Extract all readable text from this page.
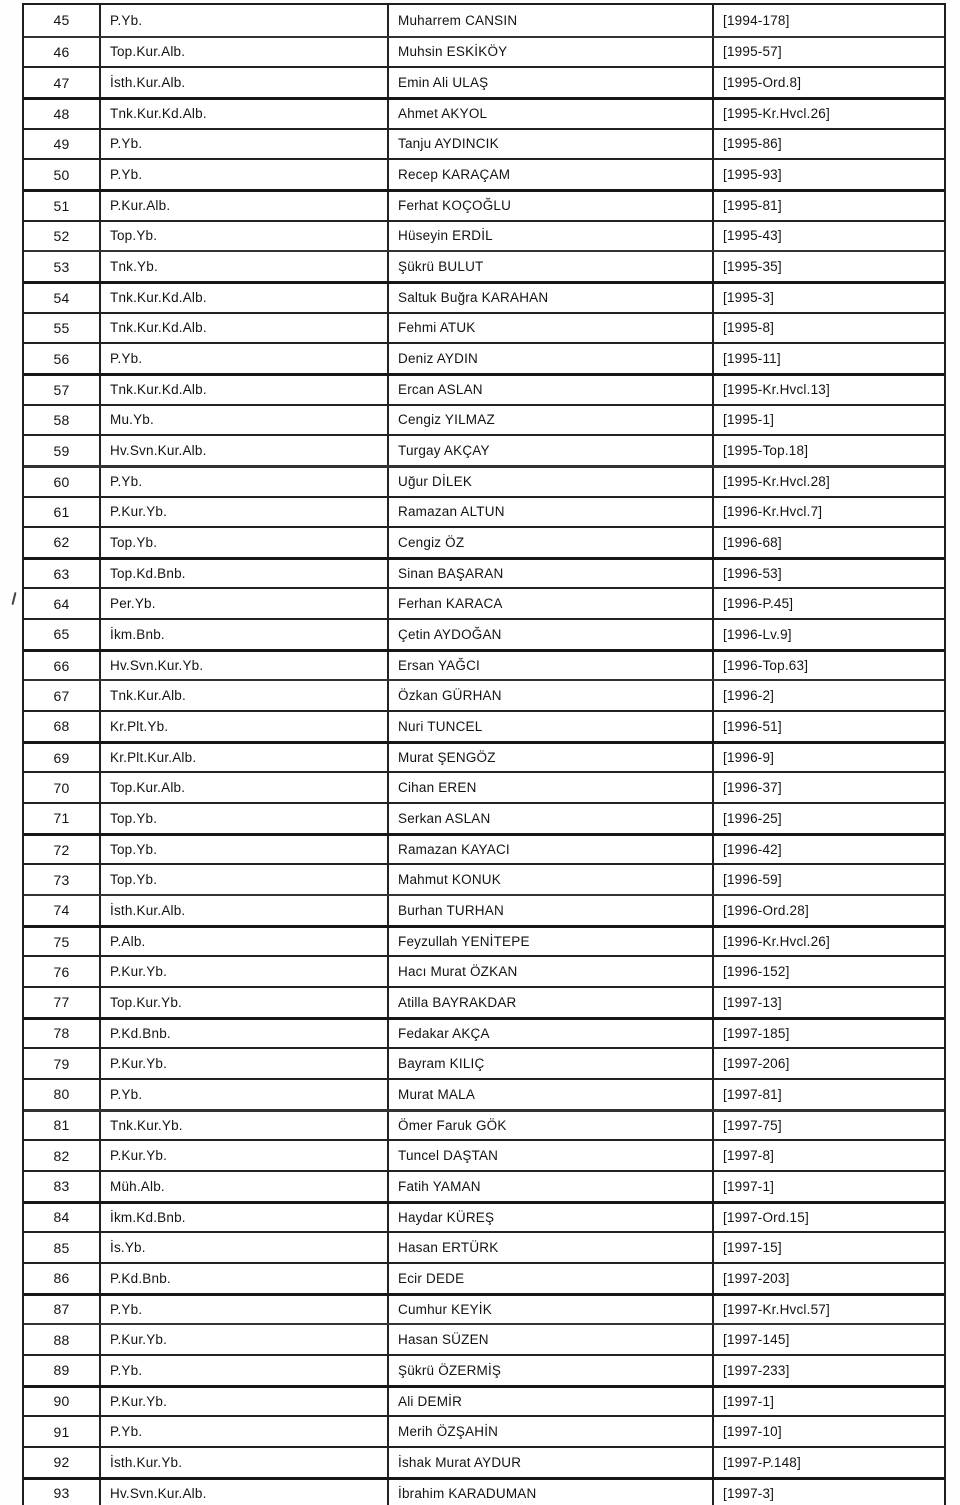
45	P.Yb.	Muharrem CANSIN	[1994-178]
46	Top.Kur.Alb.	Muhsin ESKİKÖY	[1995-57]
47	İsth.Kur.Alb.	Emin Ali ULAŞ	[1995-Ord.8]
48	Tnk.Kur.Kd.Alb.	Ahmet AKYOL	[1995-Kr.Hvcl.26]
49	P.Yb.	Tanju AYDINCIK	[1995-86]
50	P.Yb.	Recep KARAÇAM	[1995-93]
51	P.Kur.Alb.	Ferhat KOÇOĞLU	[1995-81]
52	Top.Yb.	Hüseyin ERDİL	[1995-43]
53	Tnk.Yb.	Şükrü BULUT	[1995-35]
54	Tnk.Kur.Kd.Alb.	Saltuk Buğra KARAHAN	[1995-3]
55	Tnk.Kur.Kd.Alb.	Fehmi ATUK	[1995-8]
56	P.Yb.	Deniz AYDIN	[1995-11]
57	Tnk.Kur.Kd.Alb.	Ercan ASLAN	[1995-Kr.Hvcl.13]
58	Mu.Yb.	Cengiz YILMAZ	[1995-1]
59	Hv.Svn.Kur.Alb.	Turgay AKÇAY	[1995-Top.18]
60	P.Yb.	Uğur DİLEK	[1995-Kr.Hvcl.28]
61	P.Kur.Yb.	Ramazan ALTUN	[1996-Kr.Hvcl.7]
62	Top.Yb.	Cengiz ÖZ	[1996-68]
63	Top.Kd.Bnb.	Sinan BAŞARAN	[1996-53]
64	Per.Yb.	Ferhan KARACA	[1996-P.45]
65	İkm.Bnb.	Çetin AYDOĞAN	[1996-Lv.9]
66	Hv.Svn.Kur.Yb.	Ersan YAĞCI	[1996-Top.63]
67	Tnk.Kur.Alb.	Özkan GÜRHAN	[1996-2]
68	Kr.Plt.Yb.	Nuri TUNCEL	[1996-51]
69	Kr.Plt.Kur.Alb.	Murat ŞENGÖZ	[1996-9]
70	Top.Kur.Alb.	Cihan EREN	[1996-37]
71	Top.Yb.	Serkan ASLAN	[1996-25]
72	Top.Yb.	Ramazan KAYACI	[1996-42]
73	Top.Yb.	Mahmut KONUK	[1996-59]
74	İsth.Kur.Alb.	Burhan TURHAN	[1996-Ord.28]
75	P.Alb.	Feyzullah YENİTEPE	[1996-Kr.Hvcl.26]
76	P.Kur.Yb.	Hacı Murat ÖZKAN	[1996-152]
77	Top.Kur.Yb.	Atilla BAYRAKDAR	[1997-13]
78	P.Kd.Bnb.	Fedakar AKÇA	[1997-185]
79	P.Kur.Yb.	Bayram KILIÇ	[1997-206]
80	P.Yb.	Murat MALA	[1997-81]
81	Tnk.Kur.Yb.	Ömer Faruk GÖK	[1997-75]
82	P.Kur.Yb.	Tuncel DAŞTAN	[1997-8]
83	Müh.Alb.	Fatih YAMAN	[1997-1]
84	İkm.Kd.Bnb.	Haydar KÜREŞ	[1997-Ord.15]
85	İs.Yb.	Hasan ERTÜRK	[1997-15]
86	P.Kd.Bnb.	Ecir DEDE	[1997-203]
87	P.Yb.	Cumhur KEYİK	[1997-Kr.Hvcl.57]
88	P.Kur.Yb.	Hasan SÜZEN	[1997-145]
89	P.Yb.	Şükrü ÖZERMİŞ	[1997-233]
90	P.Kur.Yb.	Ali DEMİR	[1997-1]
91	P.Yb.	Merih ÖZŞAHİN	[1997-10]
92	İsth.Kur.Yb.	İshak Murat AYDUR	[1997-P.148]
93	Hv.Svn.Kur.Alb.	İbrahim KARADUMAN	[1997-3]
